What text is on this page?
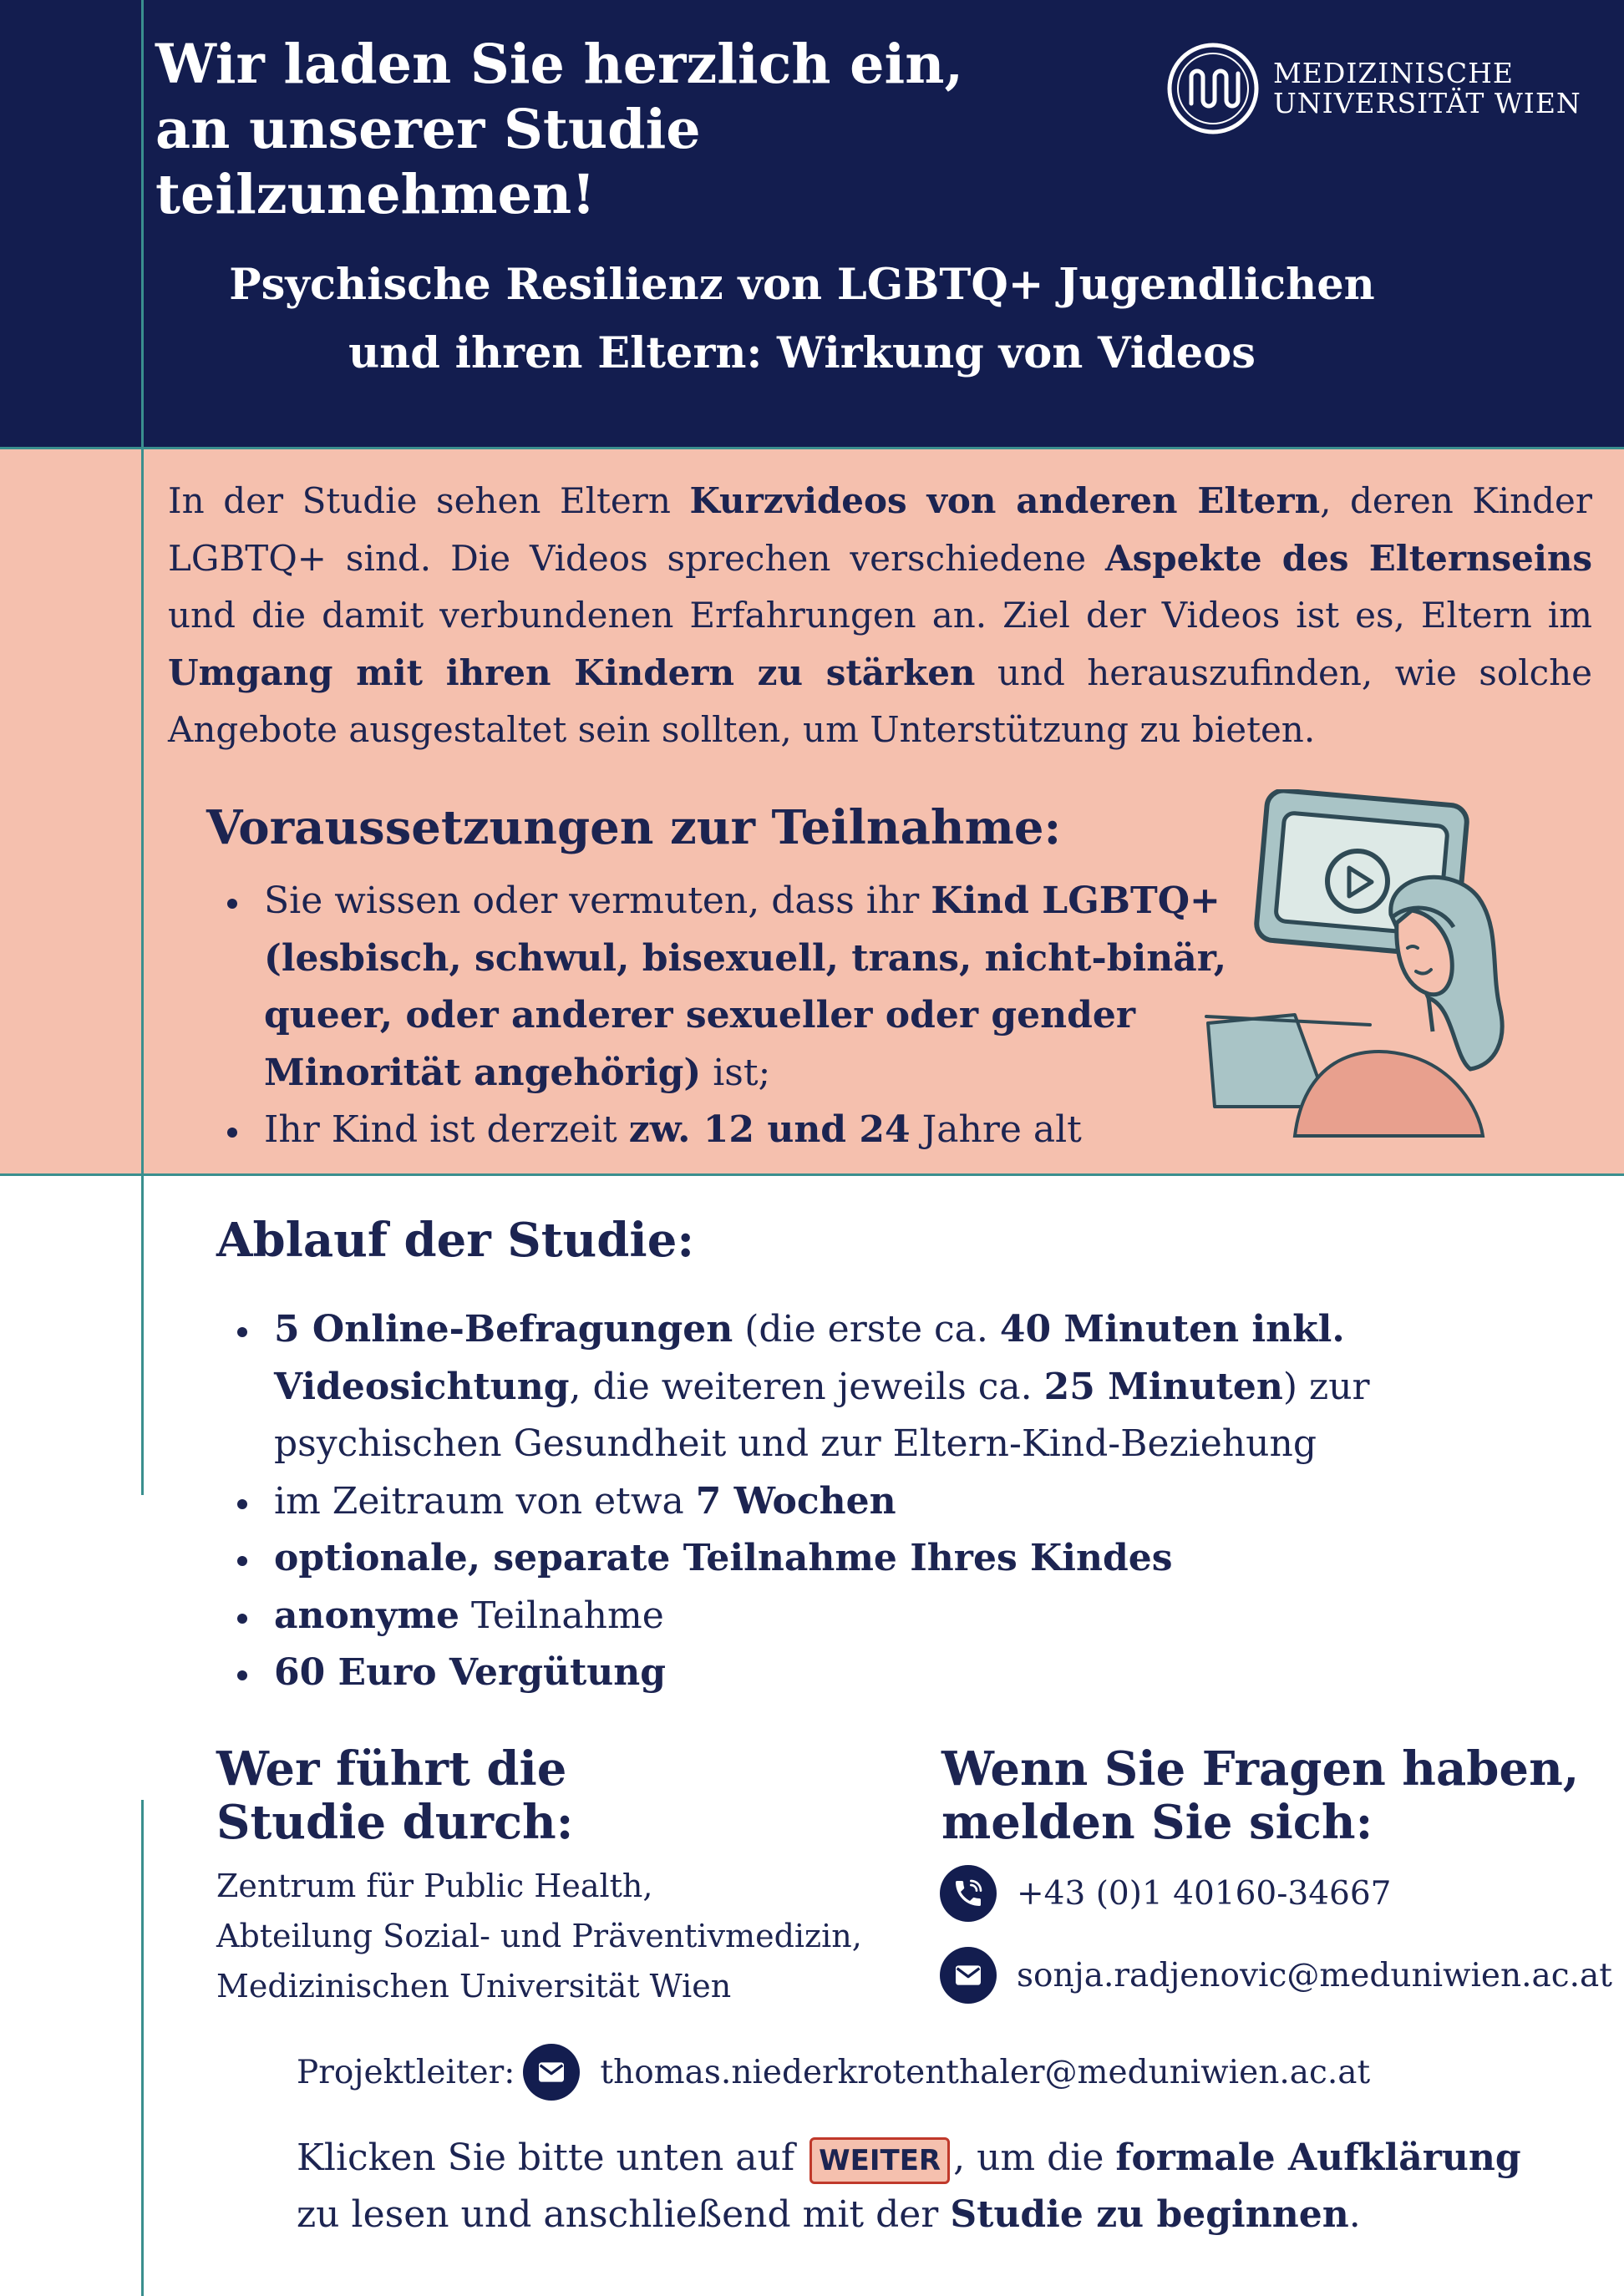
Wir laden Sie herzlich ein,
an unserer Studie teilzunehmen!
MEDIZINISCHE
UNIVERSITÄT WIEN
Psychische Resilienz von LGBTQ+ Jugendlichen
und ihren Eltern: Wirkung von Videos

In der Studie sehen Eltern Kurzvideos von anderen Eltern, deren Kinder LGBTQ+ sind. Die Videos sprechen verschiedene Aspekte des Elternseins und die damit verbundenen Erfahrungen an. Ziel der Videos ist es, Eltern im Umgang mit ihren Kindern zu stärken und herauszufinden, wie solche Angebote ausgestaltet sein sollten, um Unterstützung zu bieten.

Voraussetzungen zur Teilnahme:
Sie wissen oder vermuten, dass ihr Kind LGBTQ+ (lesbisch, schwul, bisexuell, trans, nicht-binär, queer, oder anderer sexueller oder gender Minorität angehörig) ist;
Ihr Kind ist derzeit zw. 12 und 24 Jahre alt
Ablauf der Studie:
5 Online-Befragungen (die erste ca. 40 Minuten inkl. Videosichtung, die weiteren jeweils ca. 25 Minuten) zur psychischen Gesundheit und zur Eltern-Kind-Beziehung
im Zeitraum von etwa 7 Wochen
optionale, separate Teilnahme Ihres Kindes
anonyme Teilnahme
60 Euro Vergütung
Wer führt die
Studie durch:

Zentrum für Public Health,
Abteilung Sozial- und Präventivmedizin,
Medizinischen Universität Wien

Wenn Sie Fragen haben,
melden Sie sich:
+43 (0)1 40160-34667
sonja.radjenovic@meduniwien.ac.at
Projektleiter:	thomas.niederkrotenthaler@meduniwien.ac.at

Klicken Sie bitte unten auf WEITER , um die formale Aufklärung zu lesen und anschließend mit der Studie zu beginnen.
